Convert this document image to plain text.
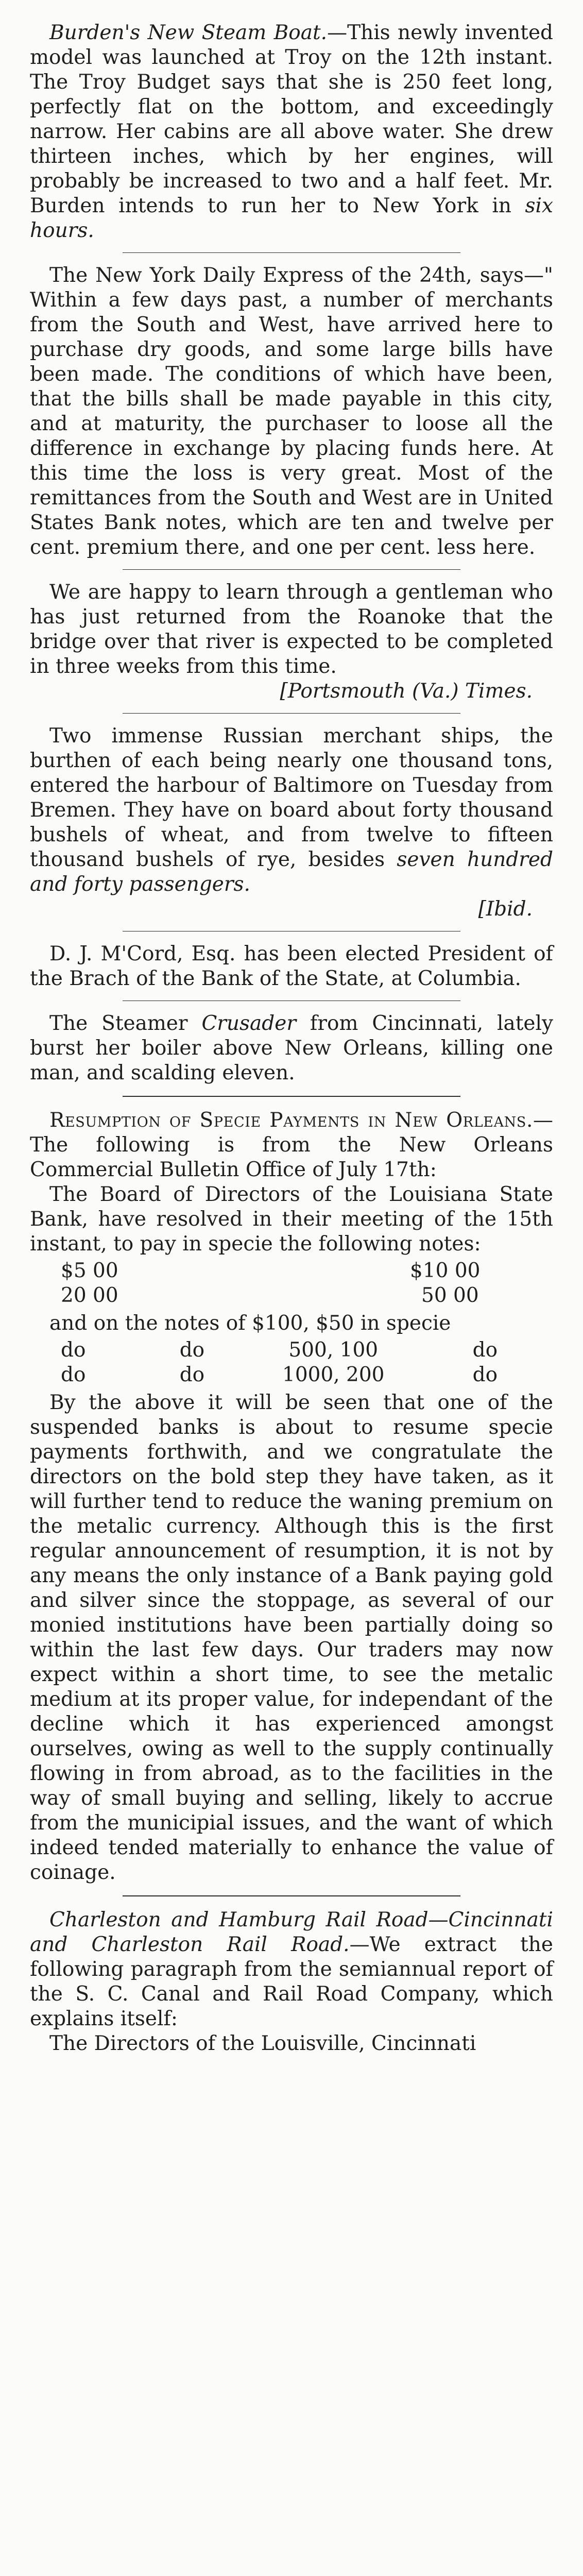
Burden's New Steam Boat.—This newly invented model was launched at Troy on the 12th instant. The Troy Budget says that she is 250 feet long, perfectly flat on the bottom, and exceedingly narrow. Her cabins are all above water. She drew thirteen inches, which by her engines, will probably be increased to two and a half feet. Mr. Burden intends to run her to New York in six hours.

The New York Daily Express of the 24th, says—" Within a few days past, a number of merchants from the South and West, have arrived here to purchase dry goods, and some large bills have been made. The conditions of which have been, that the bills shall be made payable in this city, and at maturity, the purchaser to loose all the difference in exchange by placing funds here. At this time the loss is very great. Most of the remittances from the South and West are in United States Bank notes, which are ten and twelve per cent. premium there, and one per cent. less here.

We are happy to learn through a gentleman who has just returned from the Roanoke that the bridge over that river is expected to be completed in three weeks from this time.

[Portsmouth (Va.) Times.

Two immense Russian merchant ships, the burthen of each being nearly one thousand tons, entered the harbour of Baltimore on Tuesday from Bremen. They have on board about forty thousand bushels of wheat, and from twelve to fifteen thousand bushels of rye, besides seven hundred and forty passengers.

[Ibid.

D. J. M'Cord, Esq. has been elected President of the Brach of the Bank of the State, at Columbia.

The Steamer Crusader from Cincinnati, lately burst her boiler above New Orleans, killing one man, and scalding eleven.

Resumption of Specie Payments in New Orleans.—The following is from the New Orleans Commercial Bulletin Office of July 17th:

The Board of Directors of the Louisiana State Bank, have resolved in their meeting of the 15th instant, to pay in specie the following notes:

$5 00	$10 00
20 00	50 00

and on the notes of $100, $50 in specie

do	do	500, 100	do
do	do	1000, 200	do

By the above it will be seen that one of the suspended banks is about to resume specie payments forthwith, and we congratulate the directors on the bold step they have taken, as it will further tend to reduce the waning premium on the metalic currency. Although this is the first regular announcement of resumption, it is not by any means the only instance of a Bank paying gold and silver since the stoppage, as several of our monied institutions have been partially doing so within the last few days. Our traders may now expect within a short time, to see the metalic medium at its proper value, for independant of the decline which it has experienced amongst ourselves, owing as well to the supply continually flowing in from abroad, as to the facilities in the way of small buying and selling, likely to accrue from the municipial issues, and the want of which indeed tended materially to enhance the value of coinage.

Charleston and Hamburg Rail Road—Cincinnati and Charleston Rail Road.—We extract the following paragraph from the semiannual report of the S. C. Canal and Rail Road Company, which explains itself:

The Directors of the Louisville, Cincinnati
